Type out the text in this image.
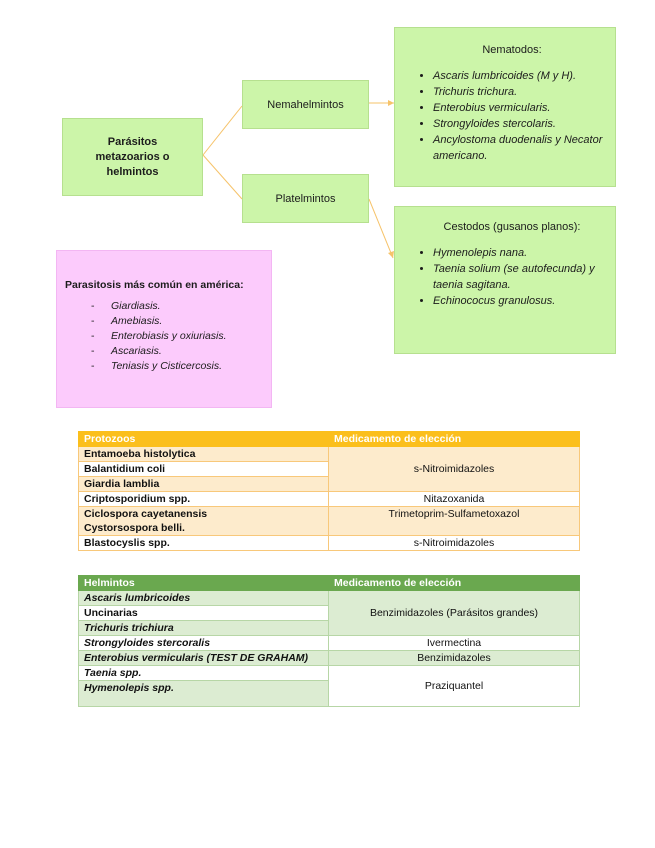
Parásitos metazoarios o helmintos
Nemahelmintos
Platelmintos
Nematodos:
• Ascaris lumbricoides (M y H).
• Trichuris trichura.
• Enterobius vermicularis.
• Strongyloides stercolaris.
• Ancylostoma duodenalis y Necator americano.
Cestodos (gusanos planos):
• Hymenolepis nana.
• Taenia solium (se autofecunda) y taenia sagitana.
• Echinococus granulosus.
Parasitosis más común en américa:
- Giardiasis.
- Amebiasis.
- Enterobiasis y oxiuriasis.
- Ascariasis.
- Teniasis y Cisticercosis.
Protozoos	Medicamento de elección
Entamoeba histolytica	s-Nitroimidazoles
Balantidium coli	
Giardia lamblia	
Criptosporidium spp.	Nitazoxanida
Ciclospora cayetanensis	Trimetoprim-Sulfametoxazol
Cystorsospora belli.	
Blastocyslis spp.	s-Nitroimidazoles
Helmintos	Medicamento de elección
Ascaris lumbricoides	Benzimidazoles (Parásitos grandes)
Uncinarias	
Trichuris trichiura	
Strongyloides stercoralis	Ivermectina
Enterobius vermicularis (TEST DE GRAHAM)	Benzimidazoles
Taenia spp.	Praziquantel
Hymenolepis spp.	
